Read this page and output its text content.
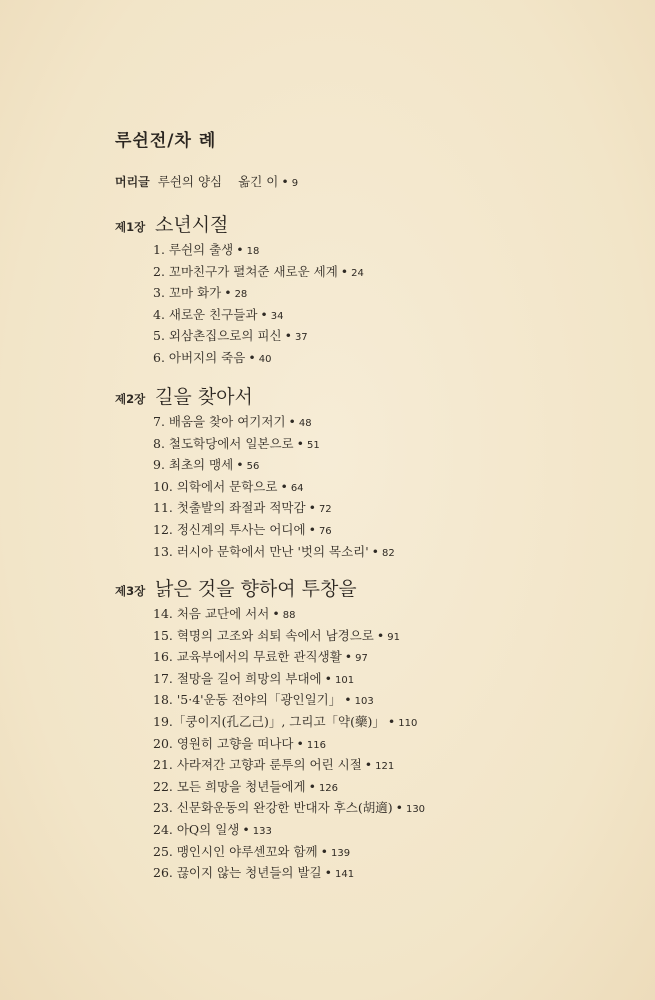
루쉰전/차 례
머리글 루쉰의 양심 옮긴 이 • 9
제1장 소년시절
1. 루쉰의 출생 • 18
2. 꼬마친구가 펼쳐준 새로운 세계 • 24
3. 꼬마 화가 • 28
4. 새로운 친구들과 • 34
5. 외삼촌집으로의 피신 • 37
6. 아버지의 죽음 • 40
제2장 길을 찾아서
7. 배움을 찾아 여기저기 • 48
8. 철도학당에서 일본으로 • 51
9. 최초의 맹세 • 56
10. 의학에서 문학으로 • 64
11. 첫출발의 좌절과 적막감 • 72
12. 정신계의 투사는 어디에 • 76
13. 러시아 문학에서 만난 '벗의 목소리' • 82
제3장 낡은 것을 향하여 투창을
14. 처음 교단에 서서 • 88
15. 혁명의 고조와 쇠퇴 속에서 남경으로 • 91
16. 교육부에서의 무료한 관직생활 • 97
17. 절망을 길어 희망의 부대에 • 101
18. '5·4'운동 전야의「광인일기」 • 103
19.「쿵이지(孔乙己)」, 그리고「약(藥)」 • 110
20. 영원히 고향을 떠나다 • 116
21. 사라져간 고향과 룬투의 어린 시절 • 121
22. 모든 희망을 청년들에게 • 126
23. 신문화운동의 완강한 반대자 후스(胡適) • 130
24. 아Q의 일생 • 133
25. 맹인시인 야루센꼬와 함께 • 139
26. 끊이지 않는 청년들의 발길 • 141
